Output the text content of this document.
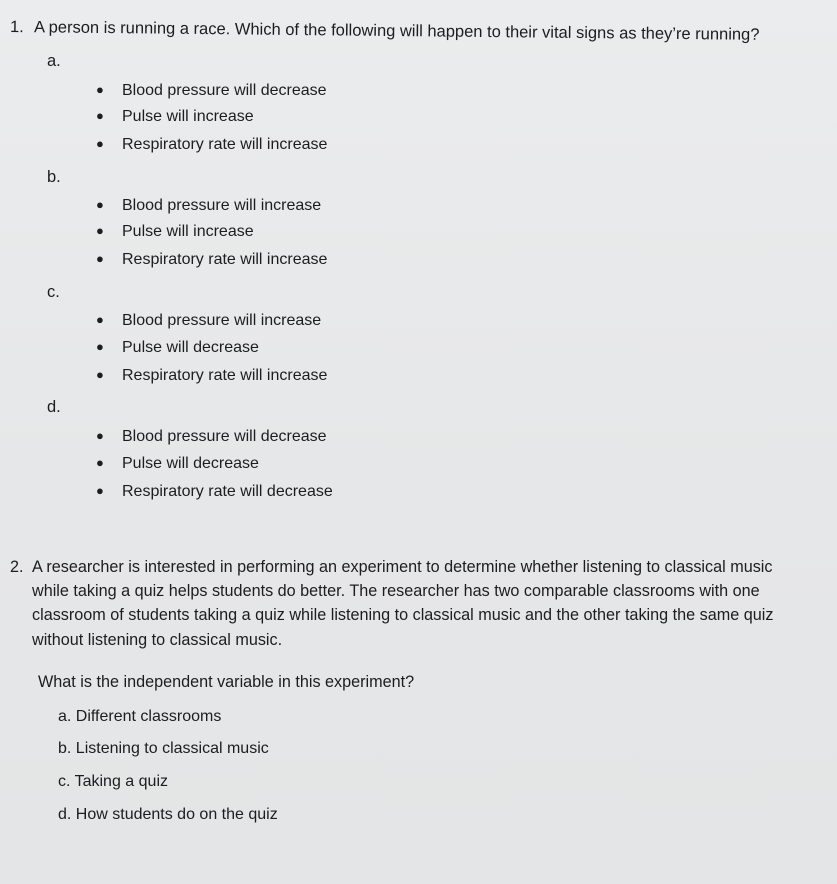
1. A person is running a race. Which of the following will happen to their vital signs as they’re running?
a.
● Blood pressure will decrease
● Pulse will increase
● Respiratory rate will increase
b.
● Blood pressure will increase
● Pulse will increase
● Respiratory rate will increase
c.
● Blood pressure will increase
● Pulse will decrease
● Respiratory rate will increase
d.
● Blood pressure will decrease
● Pulse will decrease
● Respiratory rate will decrease
2. A researcher is interested in performing an experiment to determine whether listening to classical music
while taking a quiz helps students do better. The researcher has two comparable classrooms with one
classroom of students taking a quiz while listening to classical music and the other taking the same quiz
without listening to classical music.
What is the independent variable in this experiment?
a. Different classrooms
b. Listening to classical music
c. Taking a quiz
d. How students do on the quiz
